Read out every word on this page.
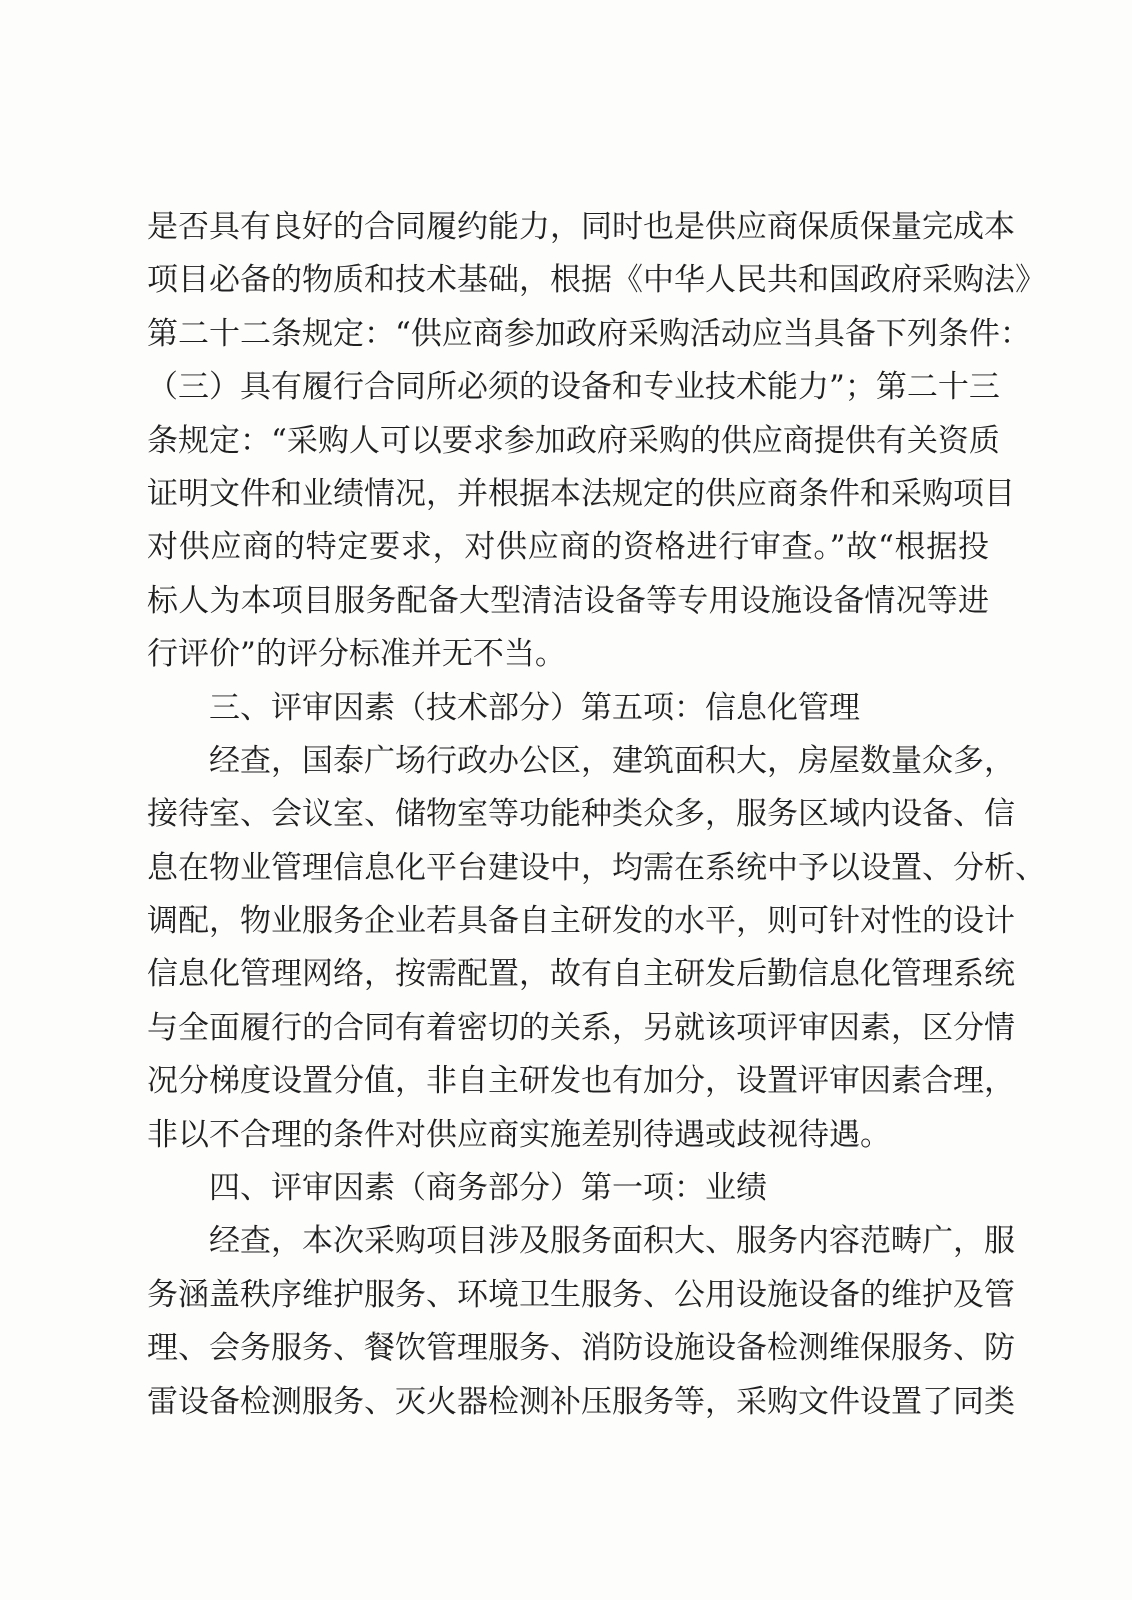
是否具有良好的合同履约能力，同时也是供应商保质保量完成本
项目必备的物质和技术基础，根据《中华人民共和国政府采购法》
第二十二条规定：“供应商参加政府采购活动应当具备下列条件：
（三）具有履行合同所必须的设备和专业技术能力”；第二十三
条规定：“采购人可以要求参加政府采购的供应商提供有关资质
证明文件和业绩情况，并根据本法规定的供应商条件和采购项目
对供应商的特定要求，对供应商的资格进行审查。”故“根据投
标人为本项目服务配备大型清洁设备等专用设施设备情况等进
行评价”的评分标准并无不当。
三、评审因素（技术部分）第五项：信息化管理
经查，国泰广场行政办公区，建筑面积大，房屋数量众多，
接待室、会议室、储物室等功能种类众多，服务区域内设备、信
息在物业管理信息化平台建设中，均需在系统中予以设置、分析、
调配，物业服务企业若具备自主研发的水平，则可针对性的设计
信息化管理网络，按需配置，故有自主研发后勤信息化管理系统
与全面履行的合同有着密切的关系，另就该项评审因素，区分情
况分梯度设置分值，非自主研发也有加分，设置评审因素合理，
非以不合理的条件对供应商实施差别待遇或歧视待遇。
四、评审因素（商务部分）第一项：业绩
经查，本次采购项目涉及服务面积大、服务内容范畴广，服
务涵盖秩序维护服务、环境卫生服务、公用设施设备的维护及管
理、会务服务、餐饮管理服务、消防设施设备检测维保服务、防
雷设备检测服务、灭火器检测补压服务等，采购文件设置了同类
